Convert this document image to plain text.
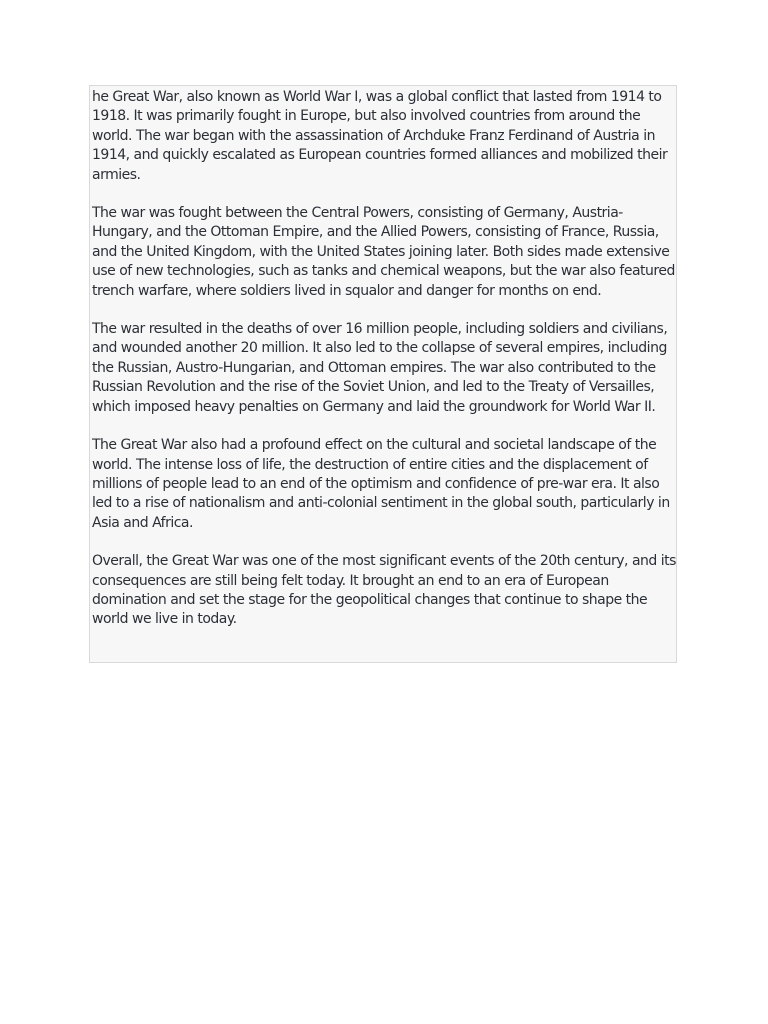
he Great War, also known as World War I, was a global conflict that lasted from 1914 to 1918. It was primarily fought in Europe, but also involved countries from around the world. The war began with the assassination of Archduke Franz Ferdinand of Austria in 1914, and quickly escalated as European countries formed alliances and mobilized their armies.

The war was fought between the Central Powers, consisting of Germany, Austria-Hungary, and the Ottoman Empire, and the Allied Powers, consisting of France, Russia, and the United Kingdom, with the United States joining later. Both sides made extensive use of new technologies, such as tanks and chemical weapons, but the war also featured trench warfare, where soldiers lived in squalor and danger for months on end.

The war resulted in the deaths of over 16 million people, including soldiers and civilians, and wounded another 20 million. It also led to the collapse of several empires, including the Russian, Austro-Hungarian, and Ottoman empires. The war also contributed to the Russian Revolution and the rise of the Soviet Union, and led to the Treaty of Versailles, which imposed heavy penalties on Germany and laid the groundwork for World War II.

The Great War also had a profound effect on the cultural and societal landscape of the world. The intense loss of life, the destruction of entire cities and the displacement of millions of people lead to an end of the optimism and confidence of pre-war era. It also led to a rise of nationalism and anti-colonial sentiment in the global south, particularly in Asia and Africa.

Overall, the Great War was one of the most significant events of the 20th century, and its consequences are still being felt today. It brought an end to an era of European domination and set the stage for the geopolitical changes that continue to shape the world we live in today.
